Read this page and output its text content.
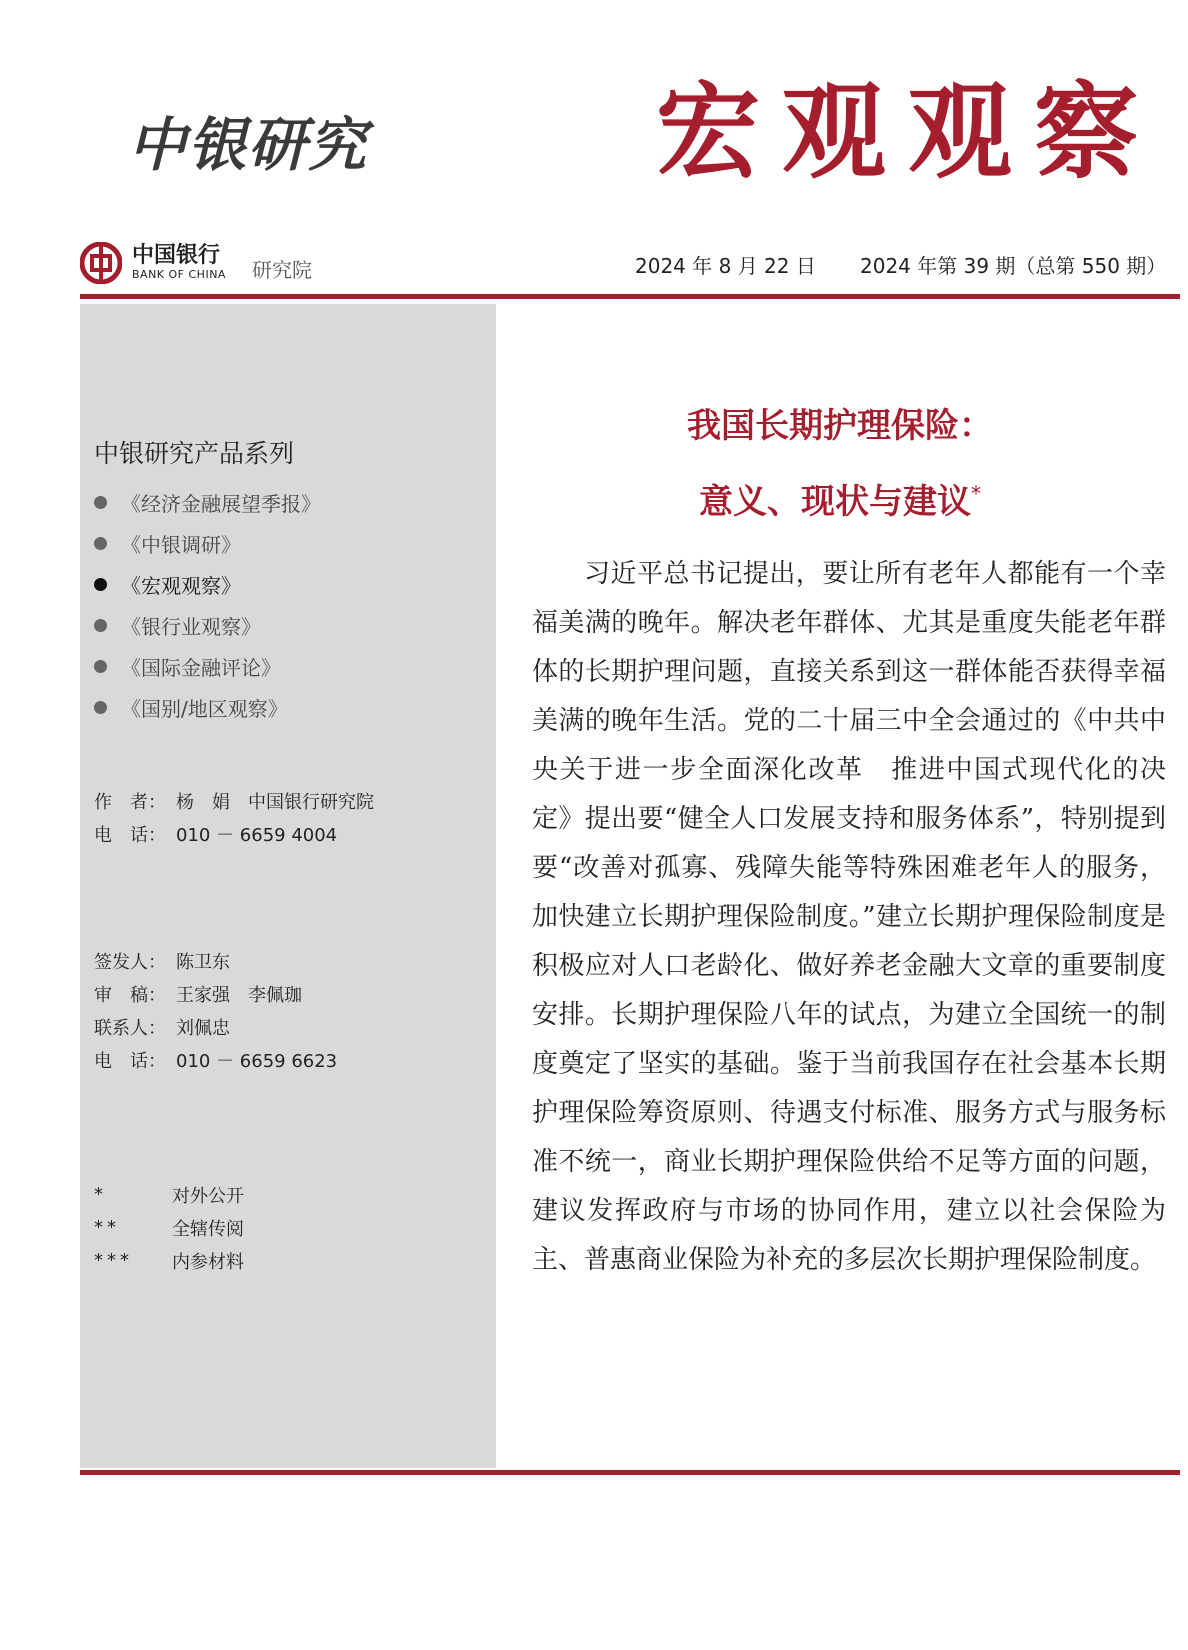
中银研究	宏观观察
中国银行
BANK OF CHINA 研究院	2024 年 8 月 22 日 2024 年第 39 期（总第 550 期）
中银研究产品系列
《经济金融展望季报》
《中银调研》
《宏观观察》
《银行业观察》
《国际金融评论》
《国别/地区观察》
作　者： 杨　娟　中国银行研究院
电　话： 010 － 6659 4004
签发人： 陈卫东
审　稿： 王家强　李佩珈
联系人： 刘佩忠
电　话： 010 － 6659 6623
*	对外公开
**	全辖传阅
***	内参材料
我国长期护理保险：
意义、现状与建议*

习近平总书记提出，要让所有老年人都能有一个幸福美满的晚年。解决老年群体、尤其是重度失能老年群体的长期护理问题，直接关系到这一群体能否获得幸福美满的晚年生活。党的二十届三中全会通过的《中共中央关于进一步全面深化改革　推进中国式现代化的决定》提出要“健全人口发展支持和服务体系”，特别提到要“改善对孤寡、残障失能等特殊困难老年人的服务，加快建立长期护理保险制度。”建立长期护理保险制度是积极应对人口老龄化、做好养老金融大文章的重要制度安排。长期护理保险八年的试点，为建立全国统一的制度奠定了坚实的基础。鉴于当前我国存在社会基本长期护理保险筹资原则、待遇支付标准、服务方式与服务标准不统一，商业长期护理保险供给不足等方面的问题，建议发挥政府与市场的协同作用，建立以社会保险为主、普惠商业保险为补充的多层次长期护理保险制度。
